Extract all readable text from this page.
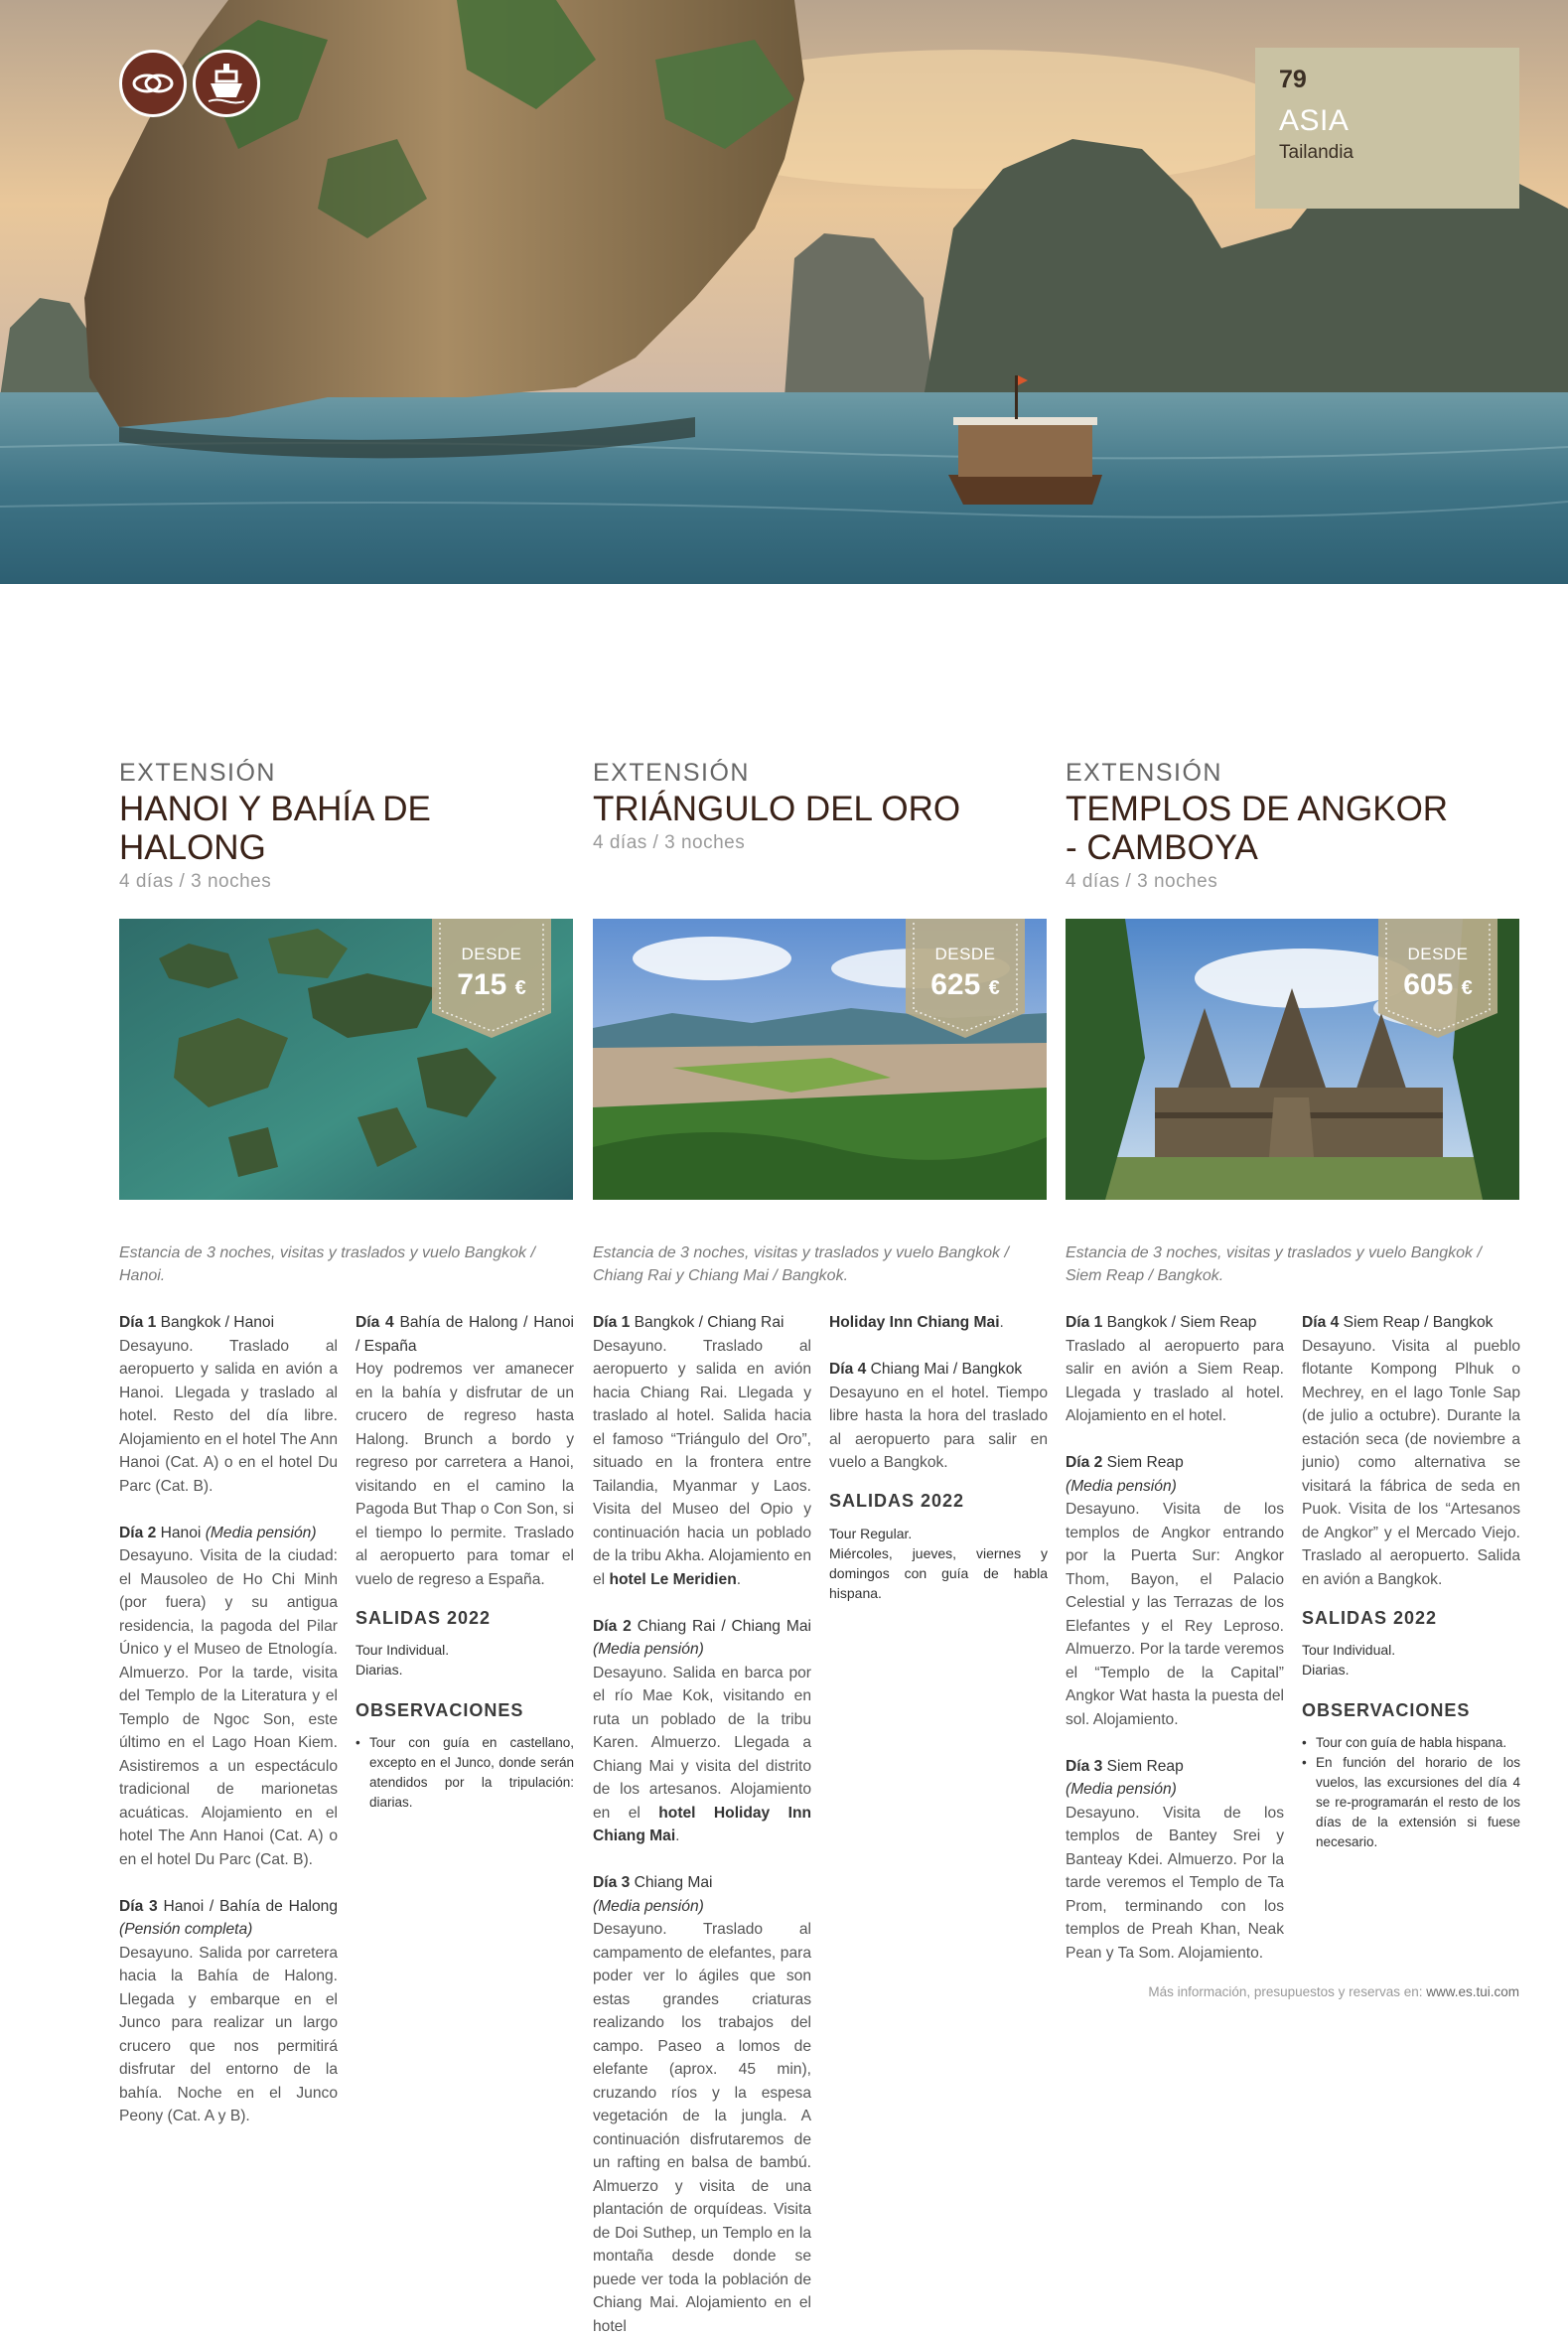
79
ASIA
Tailandia
EXTENSIÓN
HANOI Y BAHÍA DE HALONG
4 días / 3 noches
EXTENSIÓN
TRIÁNGULO DEL ORO
4 días / 3 noches
EXTENSIÓN
TEMPLOS DE ANGKOR - CAMBOYA
4 días / 3 noches
DESDE
715 €
DESDE
625 €
DESDE
605 €
Estancia de 3 noches, visitas y traslados y vuelo Bangkok / Hanoi.
Estancia de 3 noches, visitas y traslados y vuelo Bangkok / Chiang Rai y Chiang Mai / Bangkok.
Estancia de 3 noches, visitas y traslados y vuelo Bangkok / Siem Reap / Bangkok.

Día 1 Bangkok / Hanoi
Desayuno. Traslado al aeropuerto y salida en avión a Hanoi. Llegada y traslado al hotel. Resto del día libre. Alojamiento en el hotel The Ann Hanoi (Cat. A) o en el hotel Du Parc (Cat. B).

Día 2 Hanoi (Media pensión)
Desayuno. Visita de la ciudad: el Mausoleo de Ho Chi Minh (por fuera) y su antigua residencia, la pagoda del Pilar Único y el Museo de Etnología. Almuerzo. Por la tarde, visita del Templo de la Literatura y el Templo de Ngoc Son, este último en el Lago Hoan Kiem. Asistiremos a un espectáculo tradicional de marionetas acuáticas. Alojamiento en el hotel The Ann Hanoi (Cat. A) o en el hotel Du Parc (Cat. B).

Día 3 Hanoi / Bahía de Halong (Pensión completa)
Desayuno. Salida por carretera hacia la Bahía de Halong. Llegada y embarque en el Junco para realizar un largo crucero que nos permitirá disfrutar del entorno de la bahía. Noche en el Junco Peony (Cat. A y B).

Día 4 Bahía de Halong / Hanoi / España
Hoy podremos ver amanecer en la bahía y disfrutar de un crucero de regreso hasta Halong. Brunch a bordo y regreso por carretera a Hanoi, visitando en el camino la Pagoda But Thap o Con Son, si el tiempo lo permite. Traslado al aeropuerto para tomar el vuelo de regreso a España.

SALIDAS 2022
Tour Individual.
Diarias.
OBSERVACIONES
• Tour con guía en castellano, excepto en el Junco, donde serán atendidos por la tripulación: diarias.

Día 1 Bangkok / Chiang Rai
Desayuno. Traslado al aeropuerto y salida en avión hacia Chiang Rai. Llegada y traslado al hotel. Salida hacia el famoso “Triángulo del Oro”, situado en la frontera entre Tailandia, Myanmar y Laos. Visita del Museo del Opio y continuación hacia un poblado de la tribu Akha. Alojamiento en el hotel Le Meridien.

Día 2 Chiang Rai / Chiang Mai (Media pensión)
Desayuno. Salida en barca por el río Mae Kok, visitando en ruta un poblado de la tribu Karen. Almuerzo. Llegada a Chiang Mai y visita del distrito de los artesanos. Alojamiento en el hotel Holiday Inn Chiang Mai.

Día 3 Chiang Mai
(Media pensión)
Desayuno. Traslado al campamento de elefantes, para poder ver lo ágiles que son estas grandes criaturas realizando los trabajos del campo. Paseo a lomos de elefante (aprox. 45 min), cruzando ríos y la espesa vegetación de la jungla. A continuación disfrutaremos de un rafting en balsa de bambú. Almuerzo y visita de una plantación de orquídeas. Visita de Doi Suthep, un Templo en la montaña desde donde se puede ver toda la población de Chiang Mai. Alojamiento en el hotel

Holiday Inn Chiang Mai.

Día 4 Chiang Mai / Bangkok
Desayuno en el hotel. Tiempo libre hasta la hora del traslado al aeropuerto para salir en vuelo a Bangkok.

SALIDAS 2022
Tour Regular.
Miércoles, jueves, viernes y domingos con guía de habla hispana.

Día 1 Bangkok / Siem Reap
Traslado al aeropuerto para salir en avión a Siem Reap. Llegada y traslado al hotel. Alojamiento en el hotel.

Día 2 Siem Reap
(Media pensión)
Desayuno. Visita de los templos de Angkor entrando por la Puerta Sur: Angkor Thom, Bayon, el Palacio Celestial y las Terrazas de los Elefantes y el Rey Leproso. Almuerzo. Por la tarde veremos el “Templo de la Capital” Angkor Wat hasta la puesta del sol. Alojamiento.

Día 3 Siem Reap
(Media pensión)
Desayuno. Visita de los templos de Bantey Srei y Banteay Kdei. Almuerzo. Por la tarde veremos el Templo de Ta Prom, terminando con los templos de Preah Khan, Neak Pean y Ta Som. Alojamiento.

Día 4 Siem Reap / Bangkok
Desayuno. Visita al pueblo flotante Kompong Plhuk o Mechrey, en el lago Tonle Sap (de julio a octubre). Durante la estación seca (de noviembre a junio) como alternativa se visitará la fábrica de seda en Puok. Visita de los “Artesanos de Angkor” y el Mercado Viejo. Traslado al aeropuerto. Salida en avión a Bangkok.

SALIDAS 2022
Tour Individual.
Diarias.
OBSERVACIONES
• Tour con guía de habla hispana.
• En función del horario de los vuelos, las excursiones del día 4 se re-programarán el resto de los días de la extensión si fuese necesario.
Más información, presupuestos y reservas en: www.es.tui.com
